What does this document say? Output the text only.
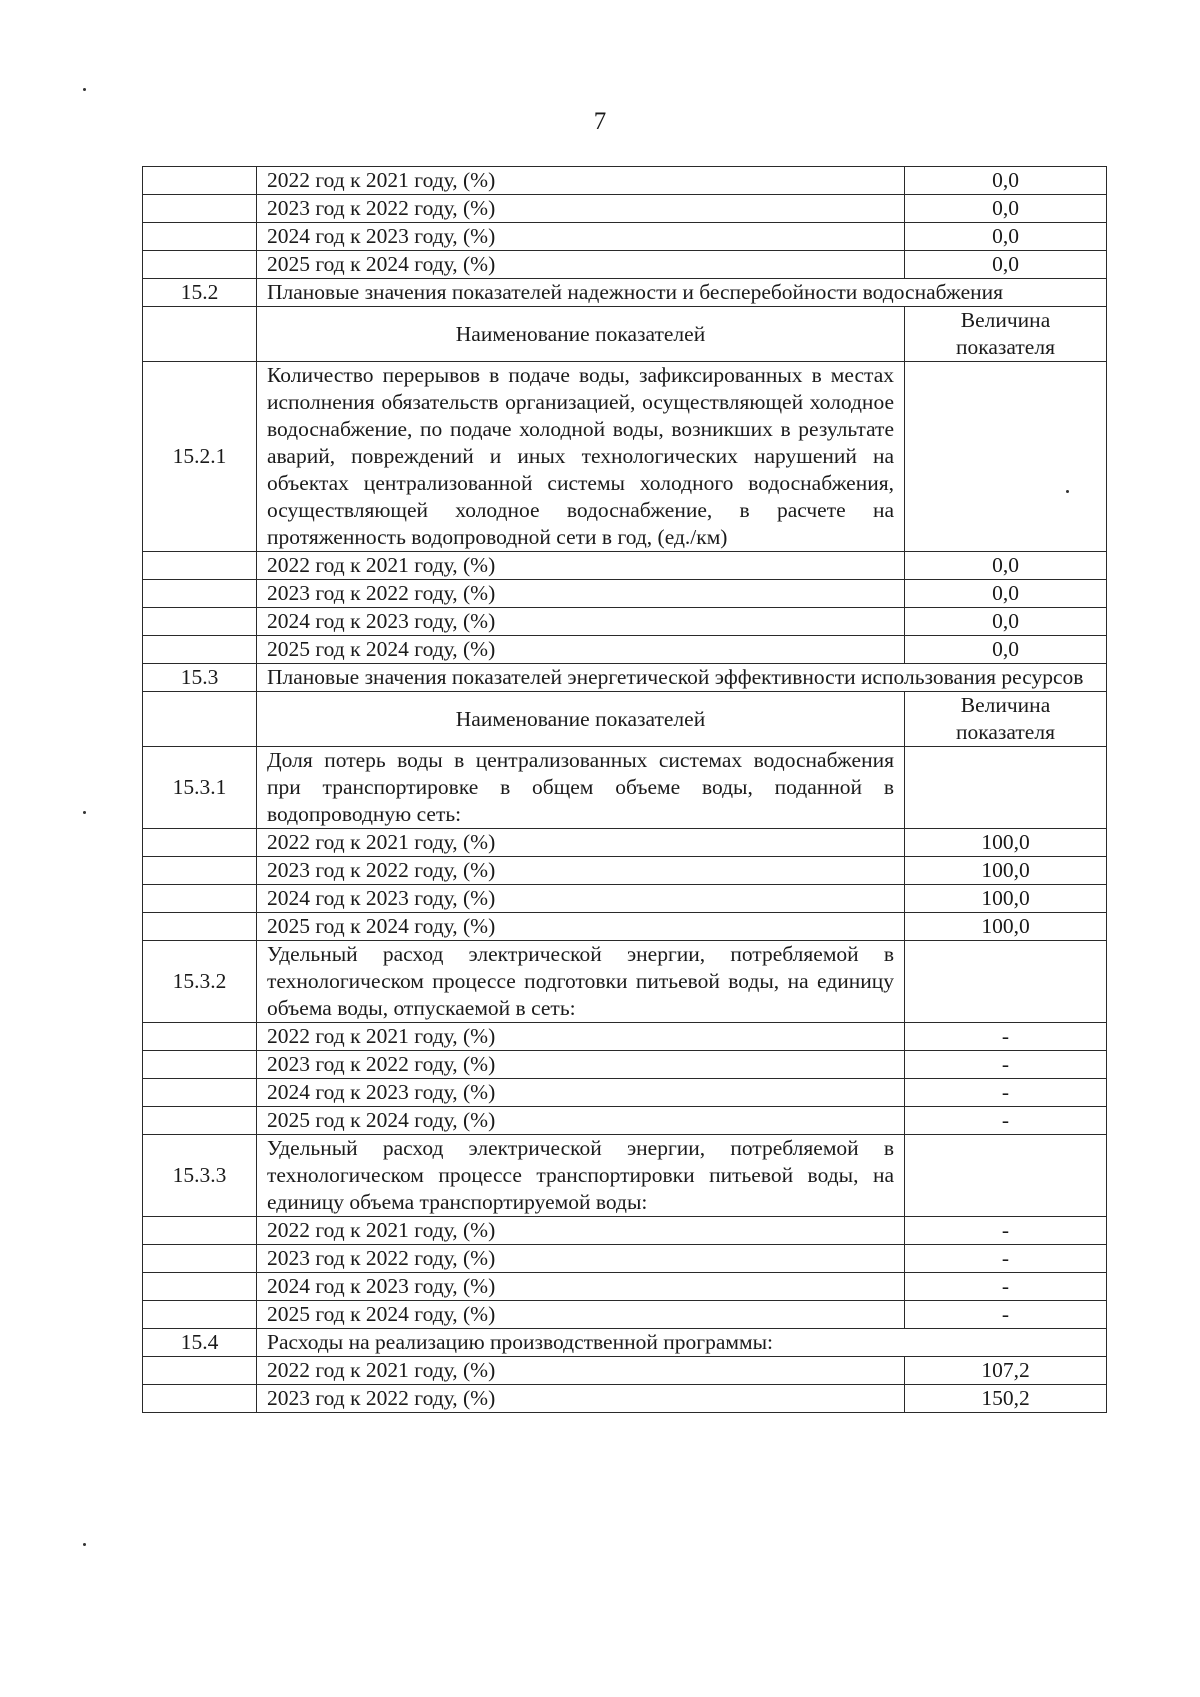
7
	2022 год к 2021 году, (%)	0,0
	2023 год к 2022 году, (%)	0,0
	2024 год к 2023 году, (%)	0,0
	2025 год к 2024 году, (%)	0,0
15.2	Плановые значения показателей надежности и бесперебойности водоснабжения	
	Наименование показателей	Величина показателя
15.2.1	Количество перерывов в подаче воды, зафиксированных в местах исполнения обязательств организацией, осуществляющей холодное водоснабжение, по подаче холодной воды, возникших в результате аварий, повреждений и иных технологических нарушений на объектах централизованной системы холодного водоснабжения, осуществляющей холодное водоснабжение, в расчете на протяженность водопроводной сети в год, (ед./км)	
	2022 год к 2021 году, (%)	0,0
	2023 год к 2022 году, (%)	0,0
	2024 год к 2023 году, (%)	0,0
	2025 год к 2024 году, (%)	0,0
15.3	Плановые значения показателей энергетической эффективности использования ресурсов	
	Наименование показателей	Величина показателя
15.3.1	Доля потерь воды в централизованных системах водоснабжения при транспортировке в общем объеме воды, поданной в водопроводную сеть:	
	2022 год к 2021 году, (%)	100,0
	2023 год к 2022 году, (%)	100,0
	2024 год к 2023 году, (%)	100,0
	2025 год к 2024 году, (%)	100,0
15.3.2	Удельный расход электрической энергии, потребляемой в технологическом процессе подготовки питьевой воды, на единицу объема воды, отпускаемой в сеть:	
	2022 год к 2021 году, (%)	-
	2023 год к 2022 году, (%)	-
	2024 год к 2023 году, (%)	-
	2025 год к 2024 году, (%)	-
15.3.3	Удельный расход электрической энергии, потребляемой в технологическом процессе транспортировки питьевой воды, на единицу объема транспортируемой воды:	
	2022 год к 2021 году, (%)	-
	2023 год к 2022 году, (%)	-
	2024 год к 2023 году, (%)	-
	2025 год к 2024 году, (%)	-
15.4	Расходы на реализацию производственной программы:	
	2022 год к 2021 году, (%)	107,2
	2023 год к 2022 году, (%)	150,2
